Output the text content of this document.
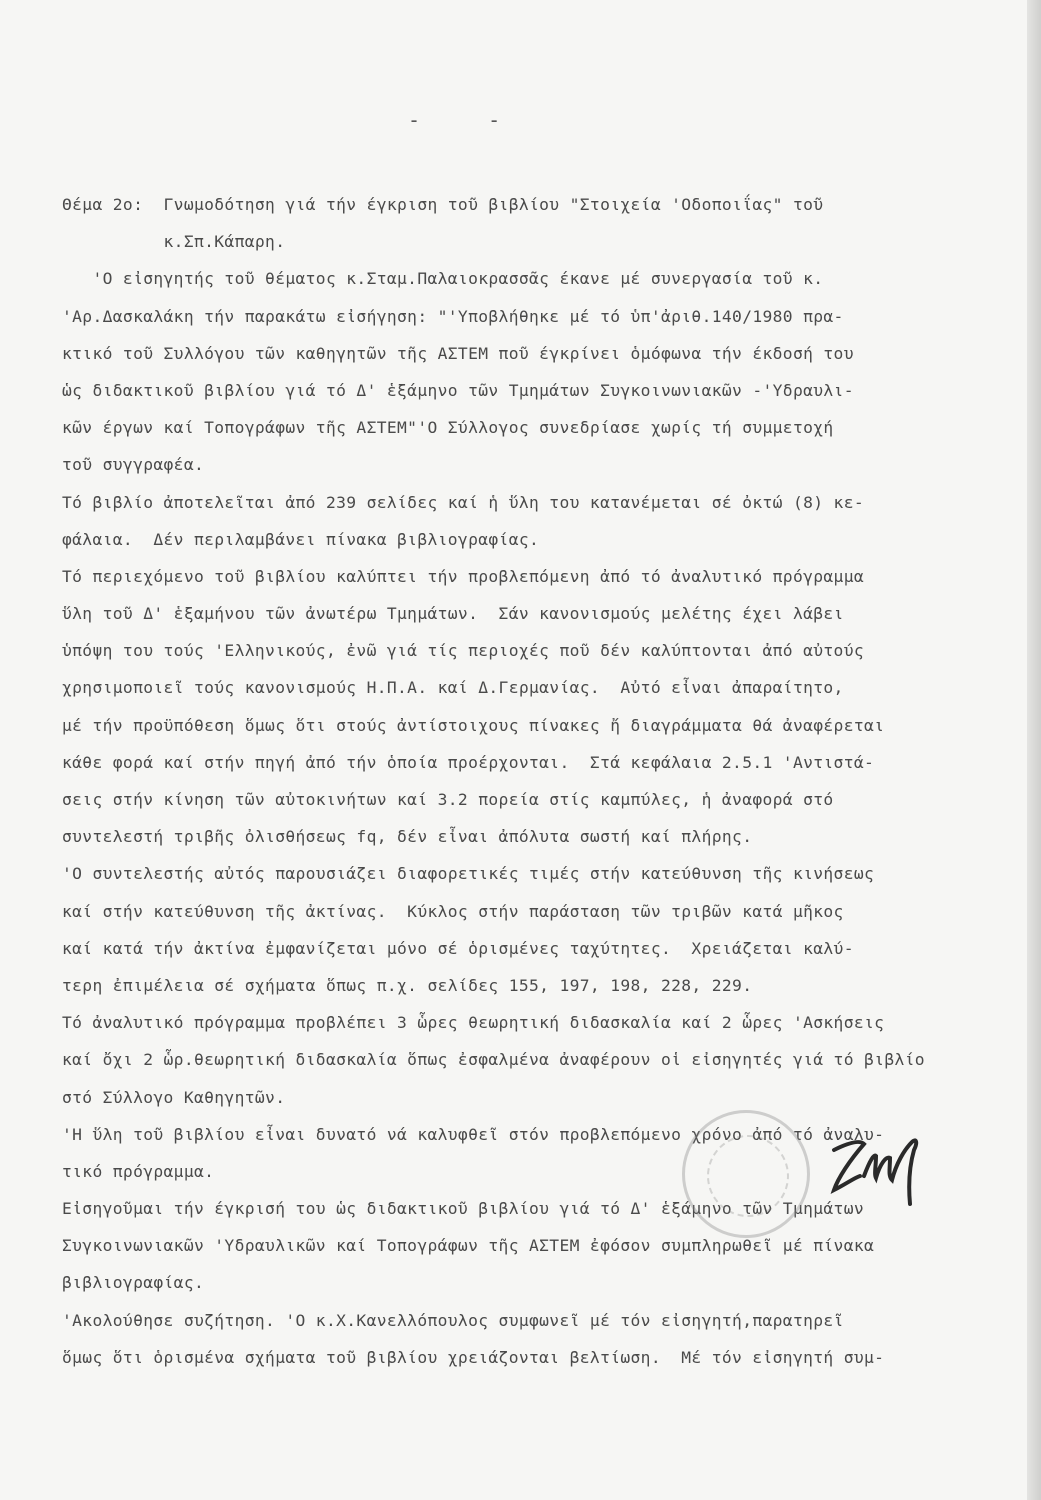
- -
Θέμα 2ο:  Γνωμοδότηση γιά τήν έγκριση τοῦ βιβλίου "Στοιχεία 'Οδοποιΐας" τοῦ
κ.Σπ.Κάπαρη.
'Ο εἰσηγητής τοῦ θέματος κ.Σταμ.Παλαιοκρασσᾶς έκανε μέ συνεργασία τοῦ κ.
'Αρ.Δασκαλάκη τήν παρακάτω εἰσήγηση: "'Υποβλήθηκε μέ τό ὑπ'ἀριθ.140/1980 πρα-
κτικό τοῦ Συλλόγου τῶν καθηγητῶν τῆς ΑΣΤΕΜ ποῦ έγκρίνει ὁμόφωνα τήν έκδοσή του
ὡς διδακτικοῦ βιβλίου γιά τό Δ' ἑξάμηνο τῶν Τμημάτων Συγκοινωνιακῶν -'Υδραυλι-
κῶν έργων καί Τοπογράφων τῆς ΑΣΤΕΜ"'Ο Σύλλογος συνεδρίασε χωρίς τή συμμετοχή
τοῦ συγγραφέα.
Τό βιβλίο ἀποτελεῖται ἀπό 239 σελίδες καί ἡ ὕλη του κατανέμεται σέ ὀκτώ (8) κε-
φάλαια.  Δέν περιλαμβάνει πίνακα βιβλιογραφίας.
Τό περιεχόμενο τοῦ βιβλίου καλύπτει τήν προβλεπόμενη ἀπό τό ἀναλυτικό πρόγραμμα
ὕλη τοῦ Δ' ἑξαμήνου τῶν ἀνωτέρω Τμημάτων.  Σάν κανονισμούς μελέτης έχει λάβει
ὑπόψη του τούς 'Ελληνικούς, ἐνῶ γιά τίς περιοχές ποῦ δέν καλύπτονται ἀπό αὐτούς
χρησιμοποιεῖ τούς κανονισμούς Η.Π.Α. καί Δ.Γερμανίας.  Αὐτό εἶναι ἀπαραίτητο,
μέ τήν προϋπόθεση ὅμως ὅτι στούς ἀντίστοιχους πίνακες ἤ διαγράμματα θά ἀναφέρεται
κάθε φορά καί στήν πηγή ἀπό τήν ὁποία προέρχονται.  Στά κεφάλαια 2.5.1 'Αντιστά-
σεις στήν κίνηση τῶν αὐτοκινήτων καί 3.2 πορεία στίς καμπύλες, ἡ ἀναφορά στό
συντελεστή τριβῆς ὀλισθήσεως fq, δέν εἶναι ἀπόλυτα σωστή καί πλήρης.
'Ο συντελεστής αὐτός παρουσιάζει διαφορετικές τιμές στήν κατεύθυνση τῆς κινήσεως
καί στήν κατεύθυνση τῆς ἀκτίνας.  Κύκλος στήν παράσταση τῶν τριβῶν κατά μῆκος
καί κατά τήν ἀκτίνα ἐμφανίζεται μόνο σέ ὁρισμένες ταχύτητες.  Χρειάζεται καλύ-
τερη ἐπιμέλεια σέ σχήματα ὅπως π.χ. σελίδες 155, 197, 198, 228, 229.
Τό ἀναλυτικό πρόγραμμα προβλέπει 3 ὧρες θεωρητική διδασκαλία καί 2 ὧρες 'Ασκήσεις
καί ὄχι 2 ὧρ.θεωρητική διδασκαλία ὅπως ἐσφαλμένα ἀναφέρουν οἱ εἰσηγητές γιά τό βιβλίο
στό Σύλλογο Καθηγητῶν.
'Η ὕλη τοῦ βιβλίου εἶναι δυνατό νά καλυφθεῖ στόν προβλεπόμενο χρόνο ἀπό τό ἀναλυ-
τικό πρόγραμμα.
Εἰσηγοῦμαι τήν έγκρισή του ὡς διδακτικοῦ βιβλίου γιά τό Δ' ἑξάμηνο τῶν Τμημάτων
Συγκοινωνιακῶν 'Υδραυλικῶν καί Τοπογράφων τῆς ΑΣΤΕΜ ἐφόσον συμπληρωθεῖ μέ πίνακα
βιβλιογραφίας.
'Ακολούθησε συζήτηση. 'Ο κ.Χ.Κανελλόπουλος συμφωνεῖ μέ τόν εἰσηγητή,παρατηρεῖ
ὅμως ὅτι ὁρισμένα σχήματα τοῦ βιβλίου χρειάζονται βελτίωση.  Μέ τόν εἰσηγητή συμ-
